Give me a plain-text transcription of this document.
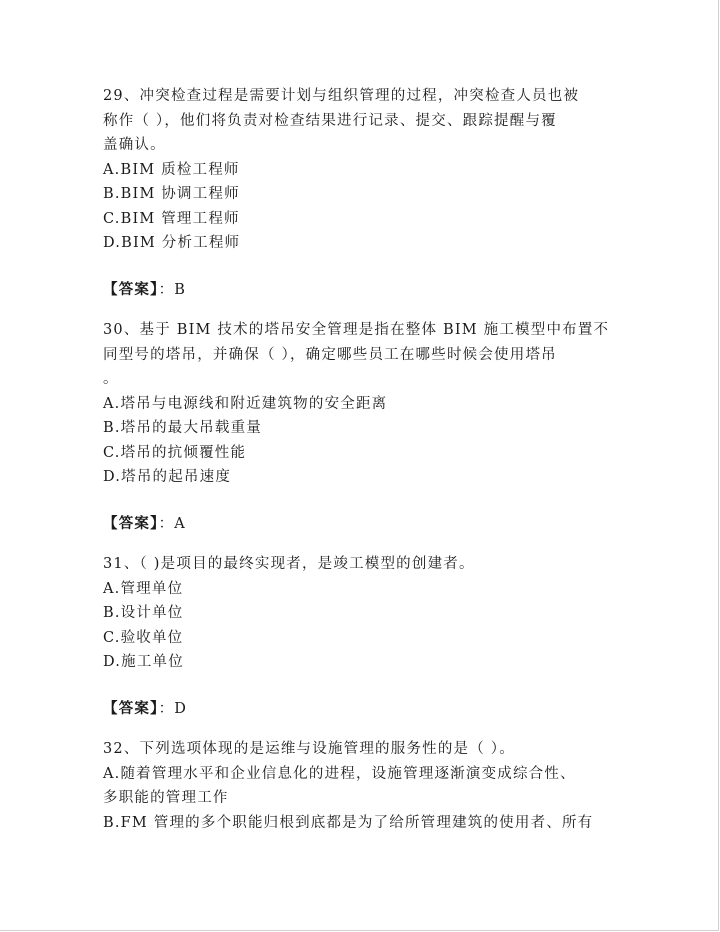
29、冲突检查过程是需要计划与组织管理的过程，冲突检查人员也被
称作（ ），他们将负责对检查结果进行记录、提交、跟踪提醒与覆
盖确认。
A.BIM 质检工程师
B.BIM 协调工程师
C.BIM 管理工程师
D.BIM 分析工程师
【答案】：B
30、基于 BIM 技术的塔吊安全管理是指在整体 BIM 施工模型中布置不
同型号的塔吊，并确保（ ），确定哪些员工在哪些时候会使用塔吊
。
A.塔吊与电源线和附近建筑物的安全距离
B.塔吊的最大吊载重量
C.塔吊的抗倾覆性能
D.塔吊的起吊速度
【答案】：A
31、（ )是项目的最终实现者，是竣工模型的创建者。
A.管理单位
B.设计单位
C.验收单位
D.施工单位
【答案】：D
32、下列选项体现的是运维与设施管理的服务性的是（ ）。
A.随着管理水平和企业信息化的进程，设施管理逐渐演变成综合性、
多职能的管理工作
B.FM 管理的多个职能归根到底都是为了给所管理建筑的使用者、所有
